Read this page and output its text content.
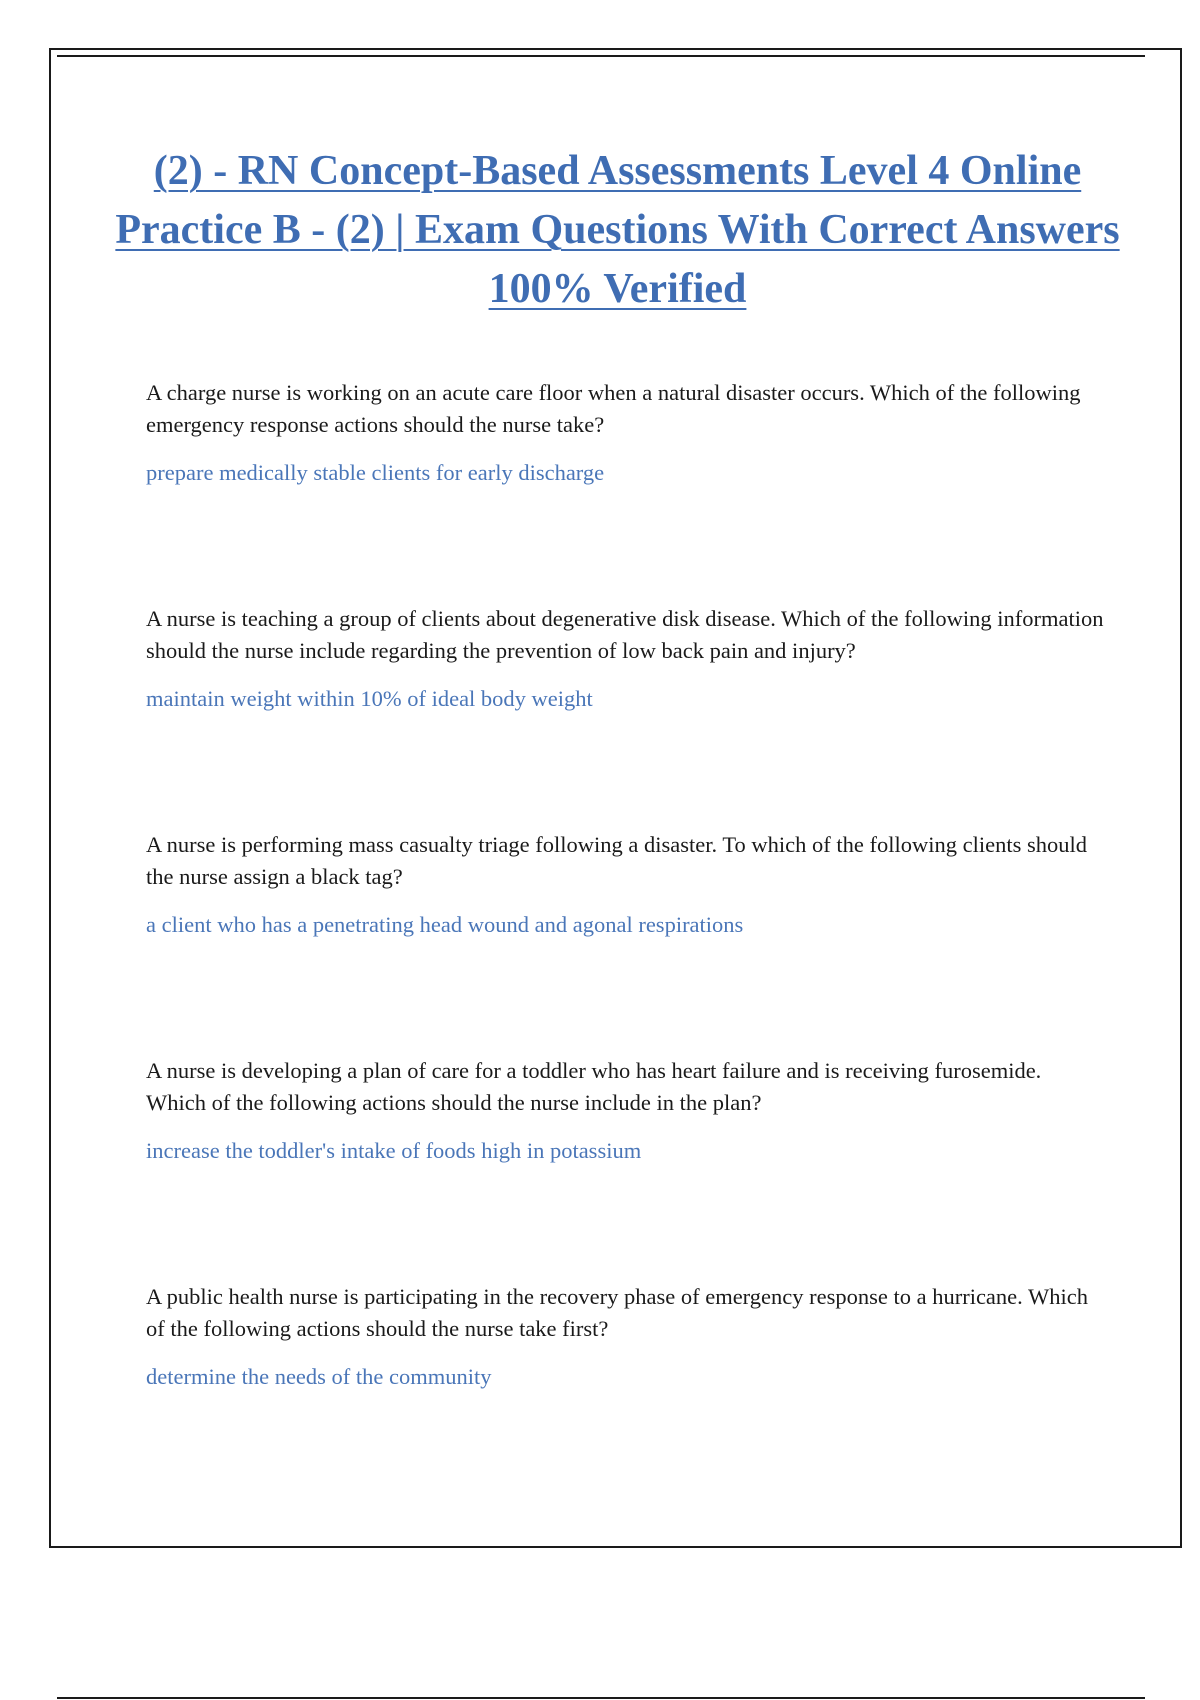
(2) - RN Concept-Based Assessments Level 4 Online Practice B - (2) | Exam Questions With Correct Answers 100% Verified

A charge nurse is working on an acute care floor when a natural disaster occurs. Which of the following emergency response actions should the nurse take?

prepare medically stable clients for early discharge

A nurse is teaching a group of clients about degenerative disk disease. Which of the following information should the nurse include regarding the prevention of low back pain and injury?

maintain weight within 10% of ideal body weight

A nurse is performing mass casualty triage following a disaster. To which of the following clients should the nurse assign a black tag?

a client who has a penetrating head wound and agonal respirations

A nurse is developing a plan of care for a toddler who has heart failure and is receiving furosemide. Which of the following actions should the nurse include in the plan?

increase the toddler's intake of foods high in potassium

A public health nurse is participating in the recovery phase of emergency response to a hurricane. Which of the following actions should the nurse take first?

determine the needs of the community
